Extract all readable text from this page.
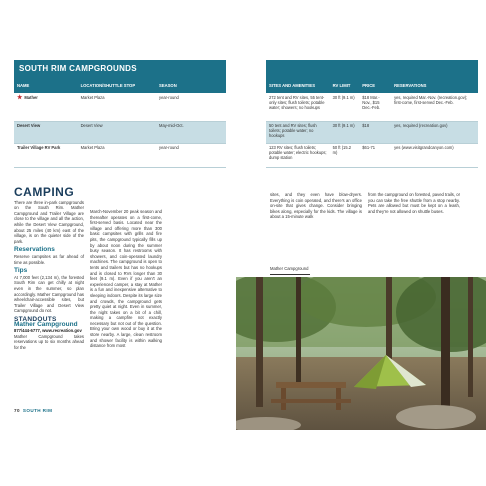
SOUTH RIM CAMPGROUNDS
NAME	LOCATION/SHUTTLE STOP	SEASON
★ Mather	Market Plaza	year-round
Desert View	Desert View	May-mid-Oct.
Trailer Village RV Park	Market Plaza	year-round
SITES AND AMENITIES	RV LIMIT	PRICE	RESERVATIONS
272 tent and RV sites, 55 tent-only sites; flush toilets; potable water; showers; no hookups	30 ft (9.1 m)	$18 Mar.-Nov., $15 Dec.-Feb.	yes, required Mar.-Nov. (recreation.gov); first-come, first-served Dec.-Feb.
50 tent and RV sites; flush toilets; potable water; no hookups	30 ft (9.1 m)	$18	yes, required (recreation.gov)
123 RV sites; flush toilets; potable water; electric hookups; dump station	50 ft (15.2 m)	$61-71	yes (www.visitgrandcanyon.com)
CAMPING

There are three in-park campgrounds on the South Rim. Mather Campground and Trailer Village are close to the village and all the action, while the Desert View Campground, about 25 miles (40 km) east of the village, is on the quieter side of the park.

Reservations

Reserve campsites as far ahead of time as possible.

Tips

At 7,000 feet (2,134 m), the forested South Rim can get chilly at night even in the summer, so plan accordingly. Mather Campground has wheelchair-accessible sites, but Trailer Village and Desert View Campground do not.

STANDOUTS
Mather Campground
877/444-6777, www.recreation.gov

Mather Campground takes reservations up to six months ahead for the

March-November 20 peak season and thereafter operates on a first-come, first-served basis. Located near the village and offering more than 300 basic campsites with grills and fire pits, the campground typically fills up by about noon during the summer busy season. It has restrooms with showers, and coin-operated laundry machines. The campground is open to tents and trailers but has no hookups and is closed to RVs longer than 30 feet (9.1 m). Even if you aren't an experienced camper, a stay at Mather is a fun and inexpensive alternative to sleeping indoors. Despite its large size and crowds, the campground gets pretty quiet at night. Even in summer, the night takes on a bit of a chill, making a campfire not exactly necessary but not out of the question. Bring your own wood or buy it at the store nearby. A large, clean restroom and shower facility is within walking distance from most

sites, and they even have blow-dryers. Everything is coin operated, and there's an office on-site that gives change. Consider bringing bikes along, especially for the kids. The village is about a 15-minute walk

from the campground on forested, paved trails, or you can take the free shuttle from a stop nearby. Pets are allowed but must be kept on a leash, and they're not allowed on shuttle buses.

Mather Campground
70 SOUTH RIM
